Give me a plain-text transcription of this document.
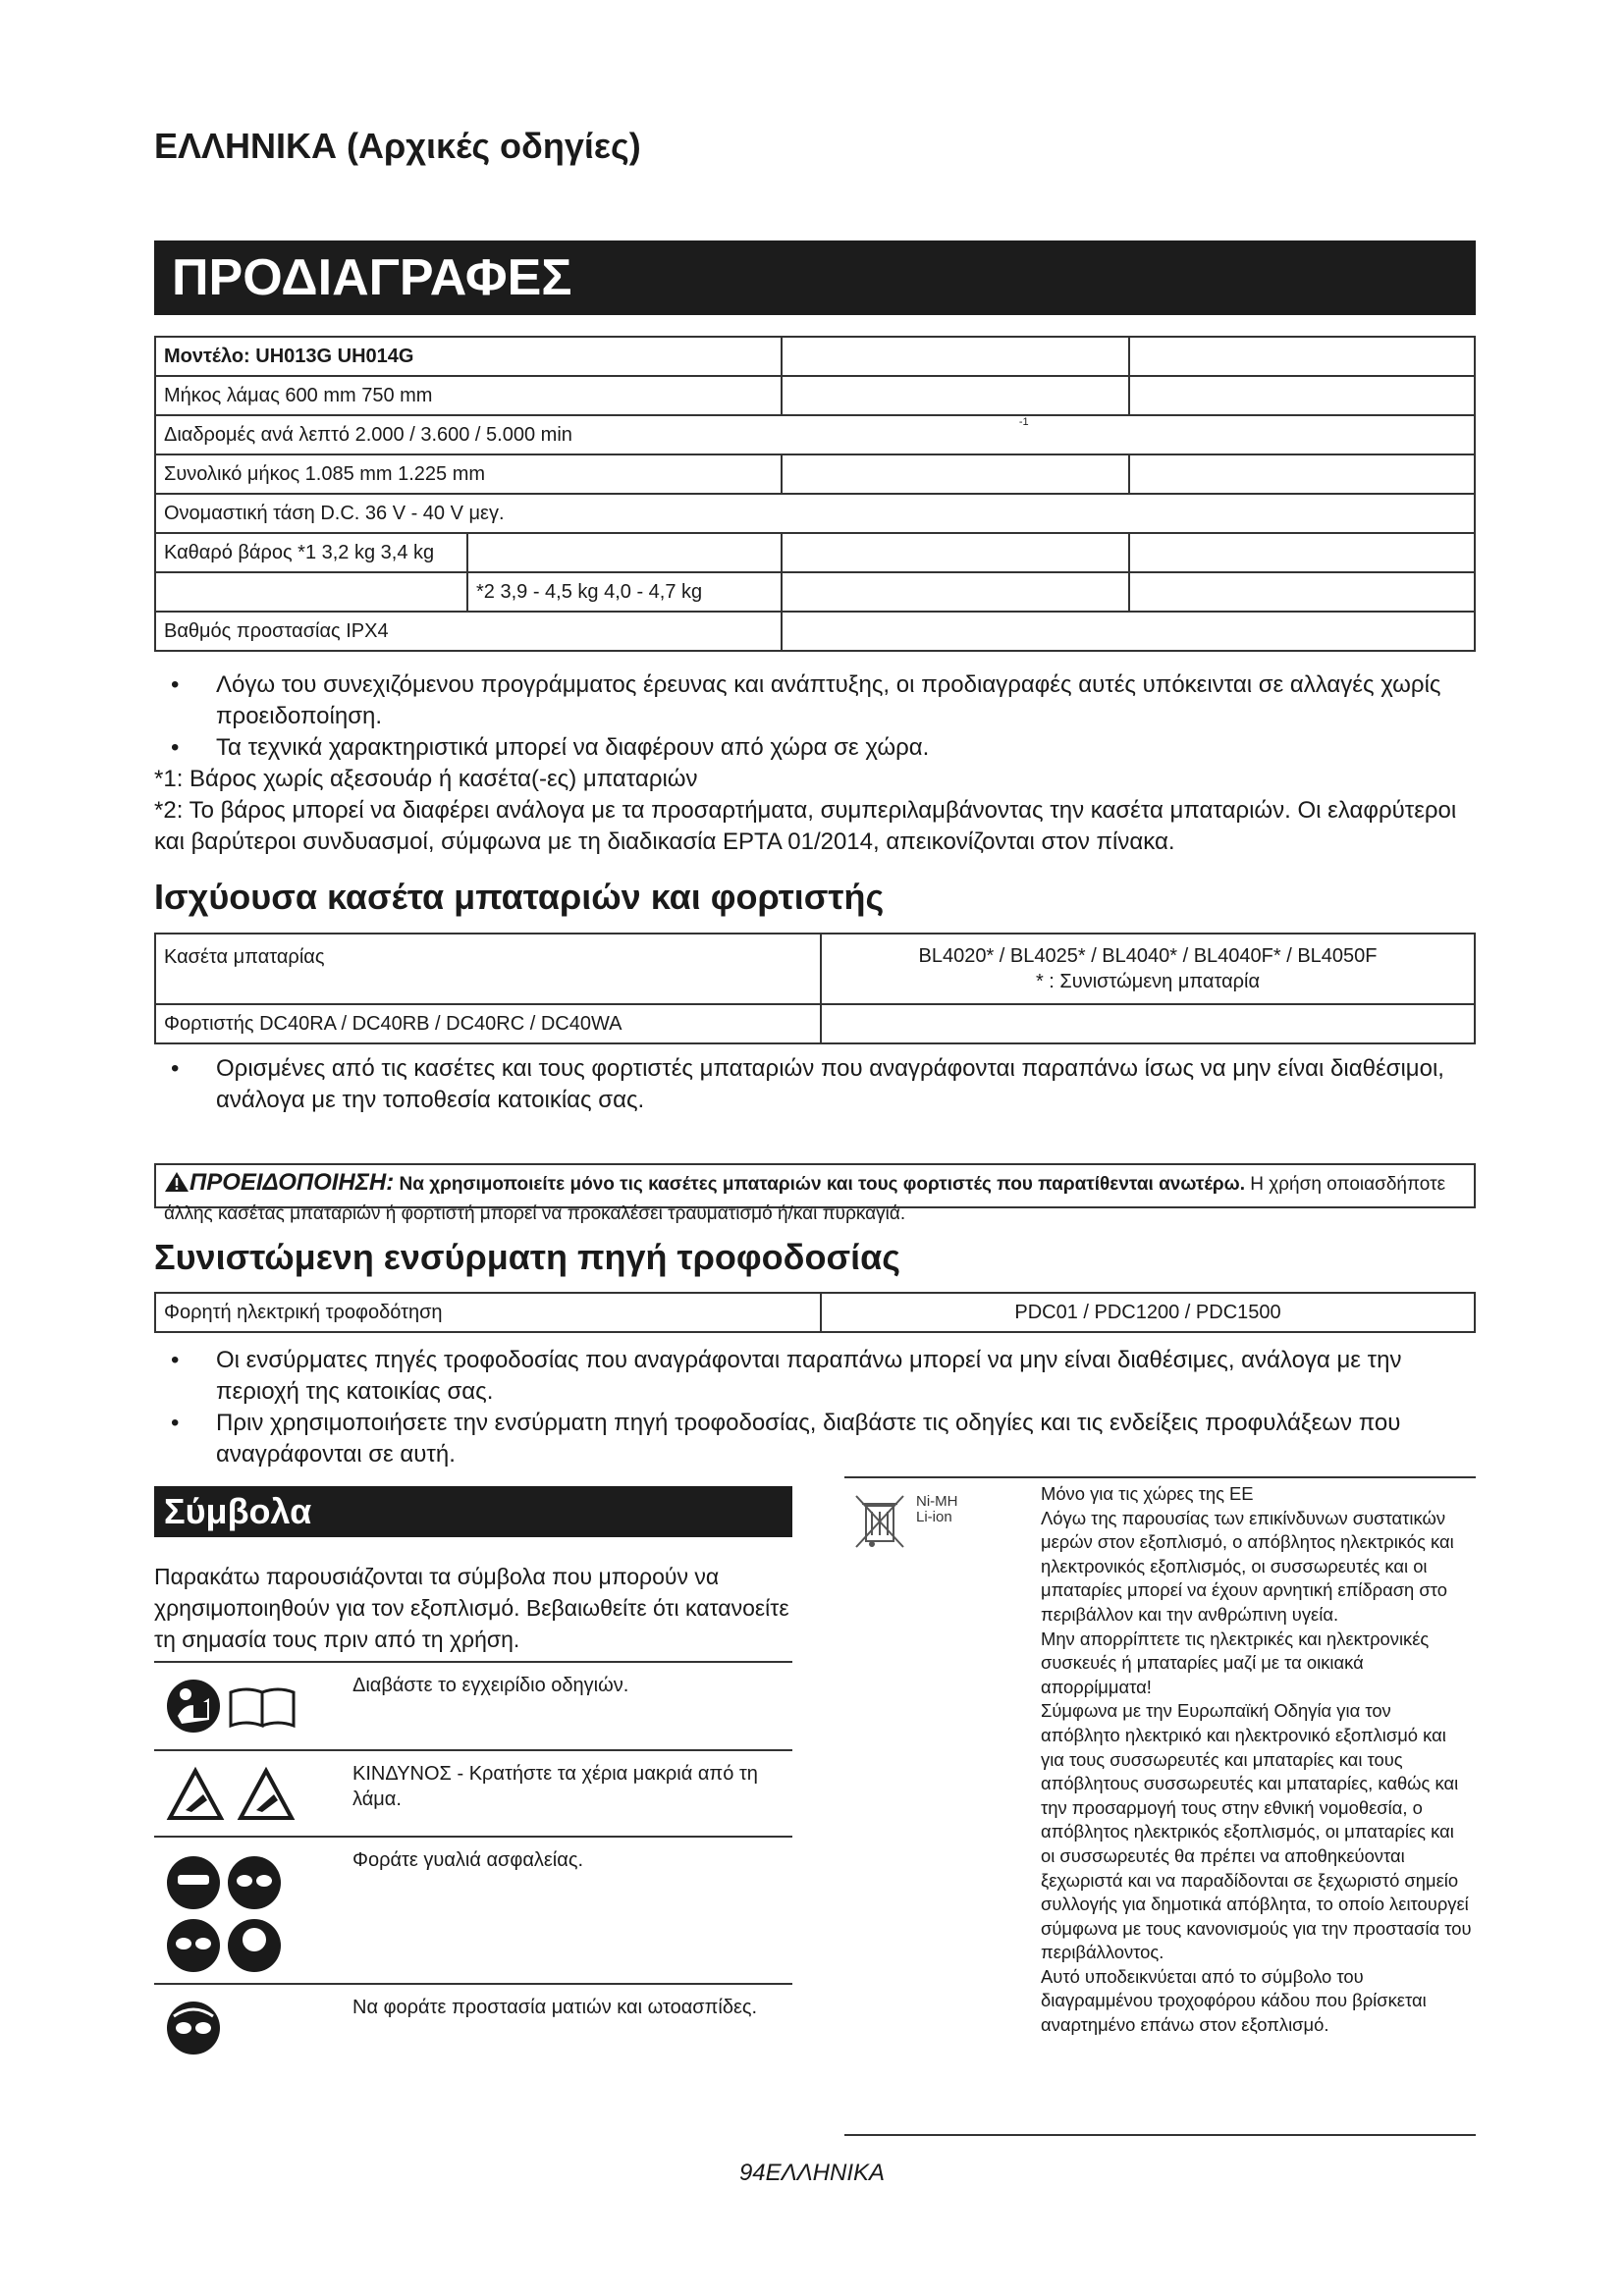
ΕΛΛΗΝΙΚΑ (Αρχικές οδηγίες)
ΠΡΟΔΙΑΓΡΑΦΕΣ
Μοντέλο: UH013G UH014G			
Μήκος λάμας 600 mm 750 mm			
Διαδρομές ανά λεπτό 2.000 / 3.600 / 5.000 $\min^{-1}$
Συνολικό μήκος 1.085 mm 1.225 mm			
Ονομαστική τάση D.C. 36 V - 40 V μεγ.			
Καθαρό βάρος *1 3,2 kg 3,4 kg			
	*2 3,9 - 4,5 kg 4,0 - 4,7 kg		
Βαθμός προστασίας IPX4			
• Λόγω του συνεχιζόμενου προγράμματος έρευνας και ανάπτυξης, οι προδιαγραφές αυτές υπόκεινται σε αλλαγές χωρίς προειδοποίηση.
• Τα τεχνικά χαρακτηριστικά μπορεί να διαφέρουν από χώρα σε χώρα.
*1: Βάρος χωρίς αξεσουάρ ή κασέτα(-ες) μπαταριών
*2: Το βάρος μπορεί να διαφέρει ανάλογα με τα προσαρτήματα, συμπεριλαμβάνοντας την κασέτα μπαταριών. Οι ελαφρύτεροι και βαρύτεροι συνδυασμοί, σύμφωνα με τη διαδικασία EPTA 01/2014, απεικονίζονται στον πίνακα.
Ισχύουσα κασέτα μπαταριών και φορτιστής
Κασέτα μπαταρίας	BL4020* / BL4025* / BL4040* / BL4040F* / BL4050F
* : Συνιστώμενη μπαταρία

Φορτιστής DC40RA / DC40RB / DC40RC / DC40WA	
• Ορισμένες από τις κασέτες και τους φορτιστές μπαταριών που αναγράφονται παραπάνω ίσως να μην είναι διαθέσιμοι, ανάλογα με την τοποθεσία κατοικίας σας.
ΠΡΟΕΙΔΟΠΟΙΗΣΗ: Να χρησιμοποιείτε μόνο τις κασέτες μπαταριών και τους φορτιστές που παρατίθενται ανωτέρω. Η χρήση οποιασδήποτε άλλης κασέτας μπαταριών ή φορτιστή μπορεί να προκαλέσει τραυματισμό ή/και πυρκαγιά.
Συνιστώμενη ενσύρματη πηγή τροφοδοσίας
Φορητή ηλεκτρική τροφοδότηση	PDC01 / PDC1200 / PDC1500
• Οι ενσύρματες πηγές τροφοδοσίας που αναγράφονται παραπάνω μπορεί να μην είναι διαθέσιμες, ανάλογα με την περιοχή της κατοικίας σας.
• Πριν χρησιμοποιήσετε την ενσύρματη πηγή τροφοδοσίας, διαβάστε τις οδηγίες και τις ενδείξεις προφυλάξεων που αναγράφονται σε αυτή.
Σύμβολα
Παρακάτω παρουσιάζονται τα σύμβολα που μπορούν να χρησιμοποιηθούν για τον εξοπλισμό. Βεβαιωθείτε ότι κατανοείτε τη σημασία τους πριν από τη χρήση.
Διαβάστε το εγχειρίδιο οδηγιών.
ΚΙΝΔΥΝΟΣ - Κρατήστε τα χέρια μακριά από τη λάμα.
Φοράτε γυαλιά ασφαλείας.
Να φοράτε προστασία ματιών και ωτοασπίδες.
Ni-MH
Li-ion
Μόνο για τις χώρες της ΕΕ
Λόγω της παρουσίας των επικίνδυνων συστατικών μερών στον εξοπλισμό, ο απόβλητος ηλεκτρικός και ηλεκτρονικός εξοπλισμός, οι συσσωρευτές και οι μπαταρίες μπορεί να έχουν αρνητική επίδραση στο περιβάλλον και την ανθρώπινη υγεία.
Μην απορρίπτετε τις ηλεκτρικές και ηλεκτρονικές συσκευές ή μπαταρίες μαζί με τα οικιακά απορρίμματα!
Σύμφωνα με την Ευρωπαϊκή Οδηγία για τον απόβλητο ηλεκτρικό και ηλεκτρονικό εξοπλισμό και για τους συσσωρευτές και μπαταρίες και τους απόβλητους συσσωρευτές και μπαταρίες, καθώς και την προσαρμογή τους στην εθνική νομοθεσία, ο απόβλητος ηλεκτρικός εξοπλισμός, οι μπαταρίες και οι συσσωρευτές θα πρέπει να αποθηκεύονται ξεχωριστά και να παραδίδονται σε ξεχωριστό σημείο συλλογής για δημοτικά απόβλητα, το οποίο λειτουργεί σύμφωνα με τους κανονισμούς για την προστασία του περιβάλλοντος.
Αυτό υποδεικνύεται από το σύμβολο του διαγραμμένου τροχοφόρου κάδου που βρίσκεται αναρτημένο επάνω στον εξοπλισμό.
94ΕΛΛΗΝΙΚΑ
